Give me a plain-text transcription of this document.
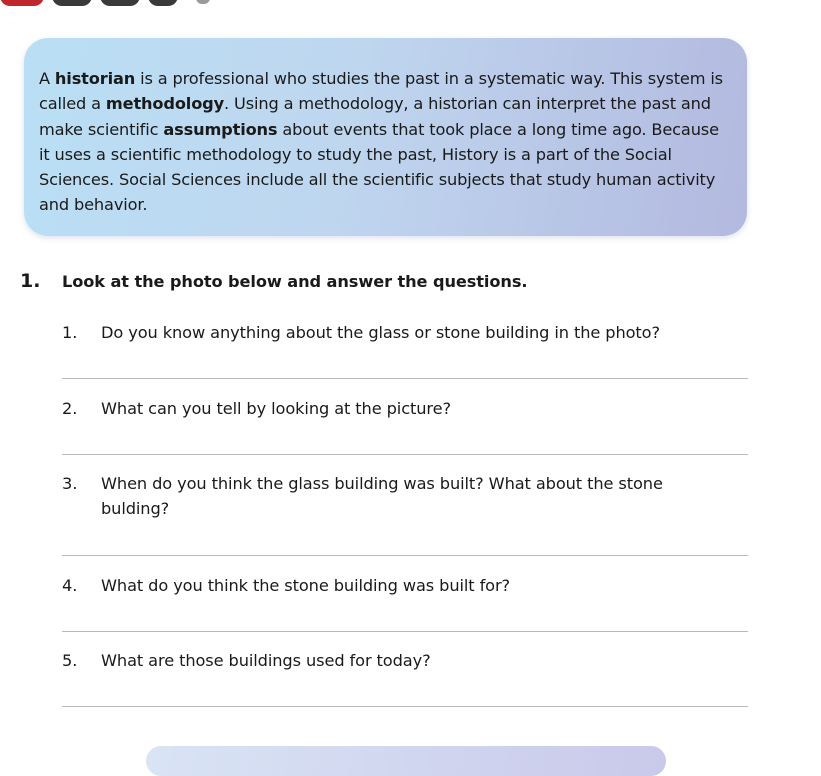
A historian is a professional who studies the past in a systematic way. This system is called a methodology. Using a methodology, a historian can interpret the past and make scientific assumptions about events that took place a long time ago. Because it uses a scientific methodology to study the past, History is a part of the Social Sciences. Social Sciences include all the scientific subjects that study human activity and behavior.
1. Look at the photo below and answer the questions.
1. Do you know anything about the glass or stone building in the photo?
2. What can you tell by looking at the picture?
3. When do you think the glass building was built? What about the stone bulding?
4. What do you think the stone building was built for?
5. What are those buildings used for today?
